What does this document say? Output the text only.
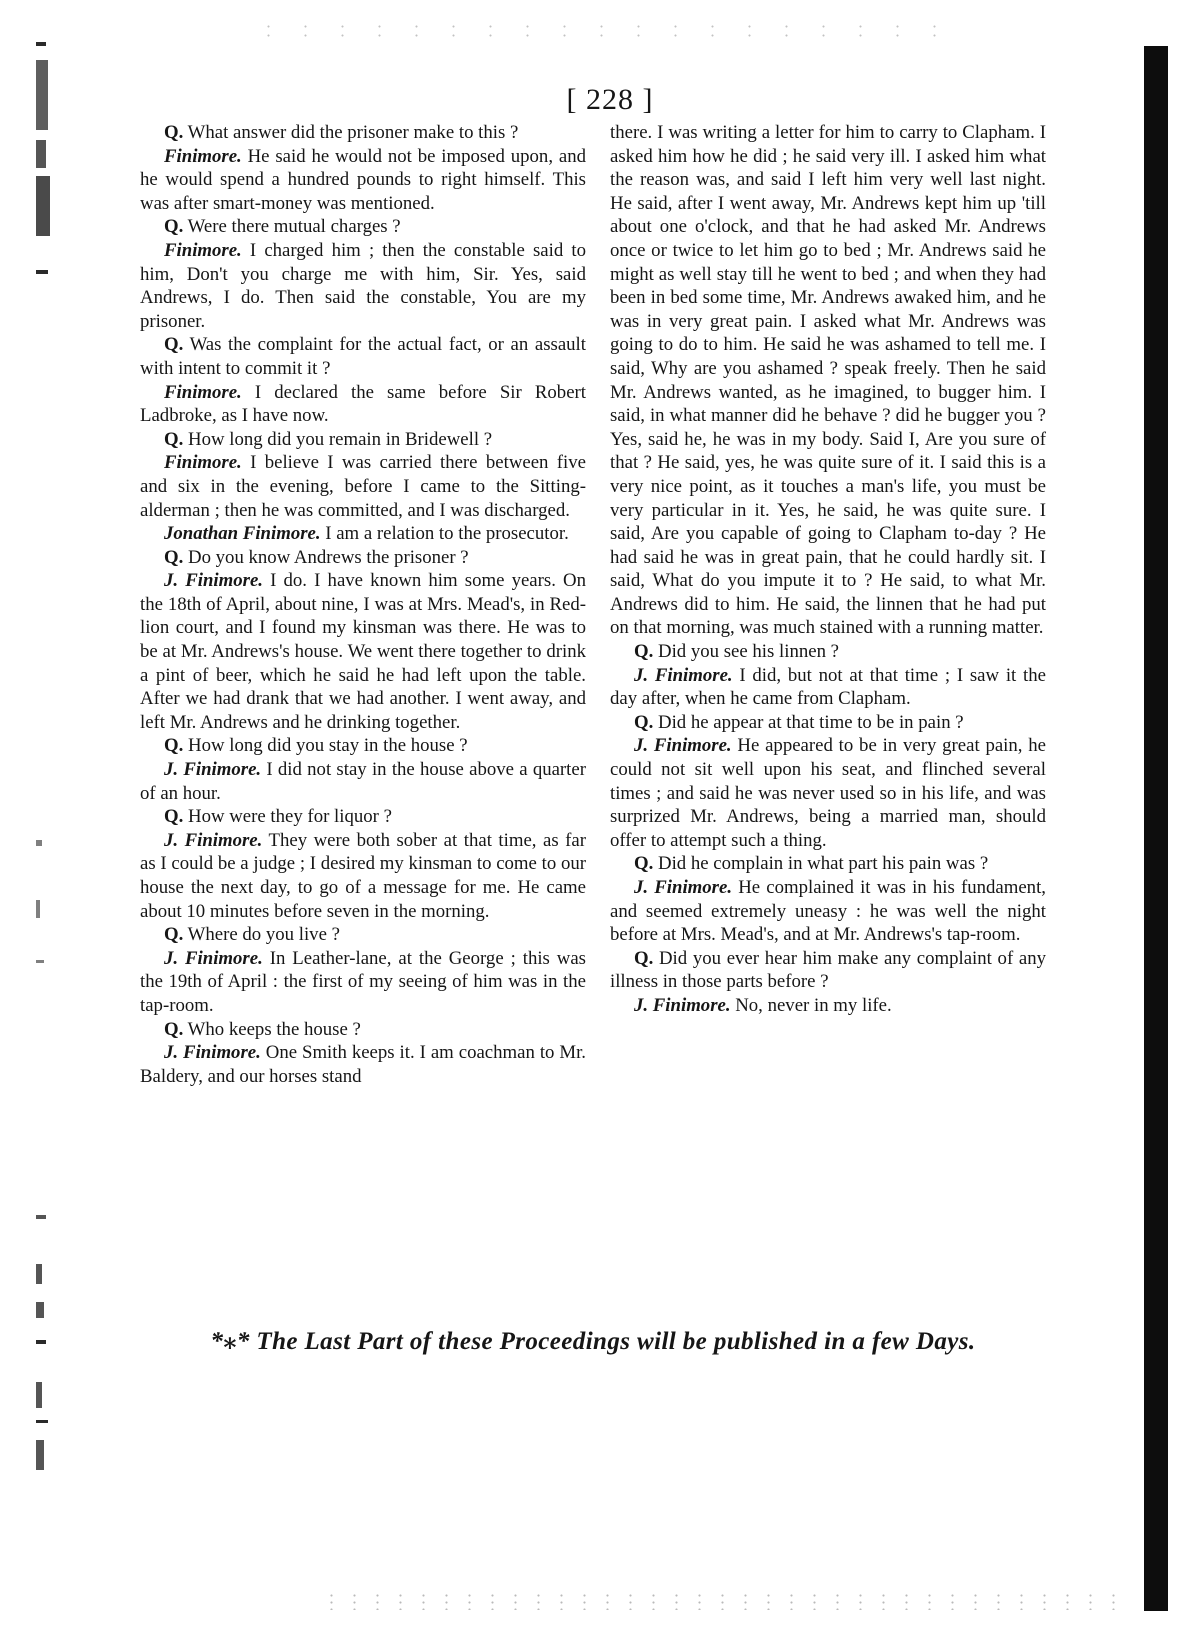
[ 228 ]

Q. What answer did the prisoner make to this ?

Finimore. He said he would not be imposed upon, and he would spend a hundred pounds to right himself. This was after smart-money was mentioned.

Q. Were there mutual charges ?

Finimore. I charged him ; then the constable said to him, Don't you charge me with him, Sir. Yes, said Andrews, I do. Then said the constable, You are my prisoner.

Q. Was the complaint for the actual fact, or an assault with intent to commit it ?

Finimore. I declared the same before Sir Robert Ladbroke, as I have now.

Q. How long did you remain in Bridewell ?

Finimore. I believe I was carried there between five and six in the evening, before I came to the Sitting-alderman ; then he was committed, and I was discharged.

Jonathan Finimore. I am a relation to the prosecutor.

Q. Do you know Andrews the prisoner ?

J. Finimore. I do. I have known him some years. On the 18th of April, about nine, I was at Mrs. Mead's, in Red-lion court, and I found my kinsman was there. He was to be at Mr. Andrews's house. We went there together to drink a pint of beer, which he said he had left upon the table. After we had drank that we had another. I went away, and left Mr. Andrews and he drinking together.

Q. How long did you stay in the house ?

J. Finimore. I did not stay in the house above a quarter of an hour.

Q. How were they for liquor ?

J. Finimore. They were both sober at that time, as far as I could be a judge ; I desired my kinsman to come to our house the next day, to go of a message for me. He came about 10 minutes before seven in the morning.

Q. Where do you live ?

J. Finimore. In Leather-lane, at the George ; this was the 19th of April : the first of my seeing of him was in the tap-room.

Q. Who keeps the house ?

J. Finimore. One Smith keeps it. I am coachman to Mr. Baldery, and our horses stand

there. I was writing a letter for him to carry to Clapham. I asked him how he did ; he said very ill. I asked him what the reason was, and said I left him very well last night. He said, after I went away, Mr. Andrews kept him up 'till about one o'clock, and that he had asked Mr. Andrews once or twice to let him go to bed ; Mr. Andrews said he might as well stay till he went to bed ; and when they had been in bed some time, Mr. Andrews awaked him, and he was in very great pain. I asked what Mr. Andrews was going to do to him. He said he was ashamed to tell me. I said, Why are you ashamed ? speak freely. Then he said Mr. Andrews wanted, as he imagined, to bugger him. I said, in what manner did he behave ? did he bugger you ? Yes, said he, he was in my body. Said I, Are you sure of that ? He said, yes, he was quite sure of it. I said this is a very nice point, as it touches a man's life, you must be very particular in it. Yes, he said, he was quite sure. I said, Are you capable of going to Clapham to-day ? He had said he was in great pain, that he could hardly sit. I said, What do you impute it to ? He said, to what Mr. Andrews did to him. He said, the linnen that he had put on that morning, was much stained with a running matter.

Q. Did you see his linnen ?

J. Finimore. I did, but not at that time ; I saw it the day after, when he came from Clapham.

Q. Did he appear at that time to be in pain ?

J. Finimore. He appeared to be in very great pain, he could not sit well upon his seat, and flinched several times ; and said he was never used so in his life, and was surprized Mr. Andrews, being a married man, should offer to attempt such a thing.

Q. Did he complain in what part his pain was ?

J. Finimore. He complained it was in his fundament, and seemed extremely uneasy : he was well the night before at Mrs. Mead's, and at Mr. Andrews's tap-room.

Q. Did you ever hear him make any complaint of any illness in those parts before ?

J. Finimore. No, never in my life.

*⁎* The Last Part of these Proceedings will be published in a few Days.
